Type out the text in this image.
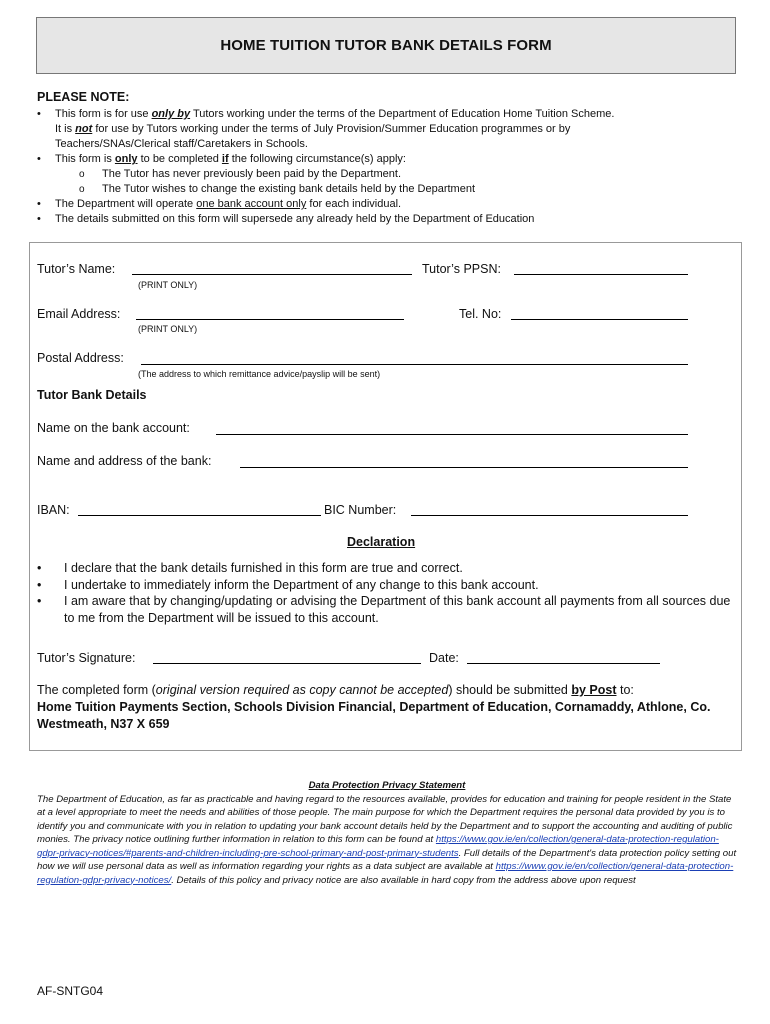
HOME TUITION TUTOR BANK DETAILS FORM
PLEASE NOTE:
• This form is for use only by Tutors working under the terms of the Department of Education Home Tuition Scheme.
It is not for use by Tutors working under the terms of July Provision/Summer Education programmes or by
Teachers/SNAs/Clerical staff/Caretakers in Schools.
• This form is only to be completed if the following circumstance(s) apply:
o The Tutor has never previously been paid by the Department.
o The Tutor wishes to change the existing bank details held by the Department
• The Department will operate one bank account only for each individual.
• The details submitted on this form will supersede any already held by the Department of Education
Tutor’s Name:
(PRINT ONLY)
Tutor’s PPSN:
Email Address:
(PRINT ONLY)
Tel. No:
Postal Address:
(The address to which remittance advice/payslip will be sent)
Tutor Bank Details
Name on the bank account:
Name and address of the bank:
IBAN:	BIC Number:
Declaration
• I declare that the bank details furnished in this form are true and correct.
• I undertake to immediately inform the Department of any change to this bank account.
• I am aware that by changing/updating or advising the Department of this bank account all payments from all sources due to me from the Department will be issued to this account.
Tutor’s Signature:	Date:
The completed form (original version required as copy cannot be accepted) should be submitted by Post to:
Home Tuition Payments Section, Schools Division Financial, Department of Education, Cornamaddy, Athlone, Co. Westmeath, N37 X 659
Data Protection Privacy Statement
The Department of Education, as far as practicable and having regard to the resources available, provides for education and training for people resident in the State at a level appropriate to meet the needs and abilities of those people. The main purpose for which the Department requires the personal data provided by you is to identify you and communicate with you in relation to updating your bank account details held by the Department and to support the accounting and auditing of public monies. The privacy notice outlining further information in relation to this form can be found at https://www.gov.ie/en/collection/general-data-protection-regulation-gdpr-privacy-notices/#parents-and-children-including-pre-school-primary-and-post-primary-students. Full details of the Department's data protection policy setting out how we will use personal data as well as information regarding your rights as a data subject are available at https://www.gov.ie/en/collection/general-data-protection-regulation-gdpr-privacy-notices/. Details of this policy and privacy notice are also available in hard copy from the address above upon request
AF-SNTG04
